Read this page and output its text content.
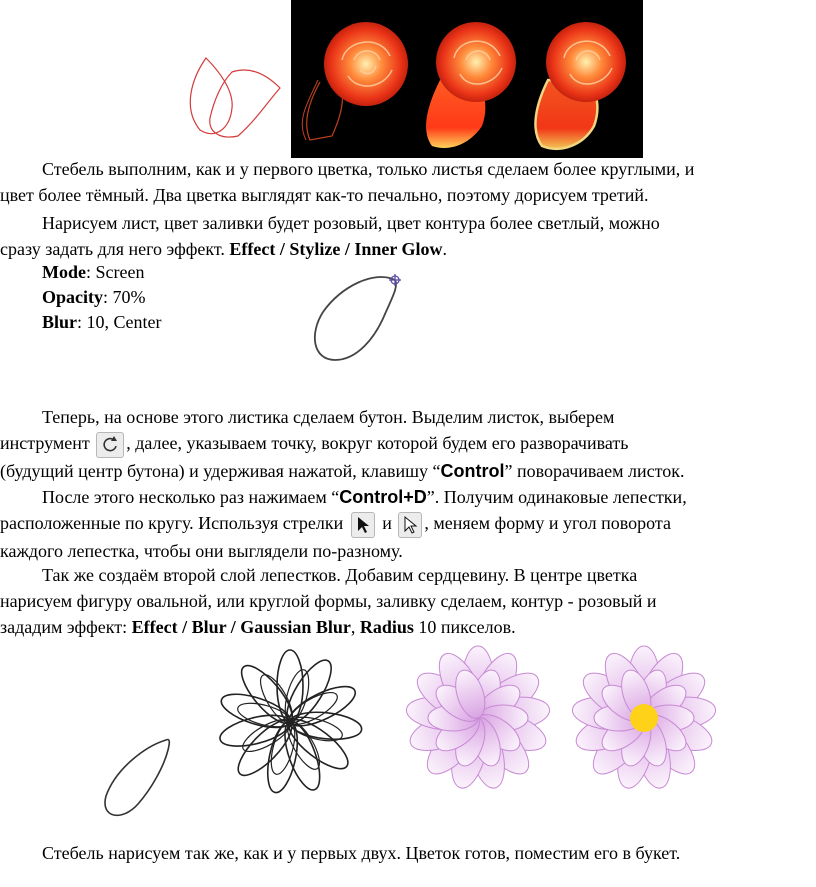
Стебель выполним, как и у первого цветка, только листья сделаем более круглыми, и
цвет более тёмный. Два цветка выглядят как-то печально, поэтому дорисуем третий.

Нарисуем лист, цвет заливки будет розовый, цвет контура более светлый, можно
сразу задать для него эффект. Effect / Stylize / Inner Glow.

Mode: Screen
Opacity: 70%
Blur: 10, Center

Теперь, на основе этого листика сделаем бутон. Выделим листок, выберем
инструмент , далее, указываем точку, вокруг которой будем его разворачивать
(будущий центр бутона) и удерживая нажатой, клавишу “Control” поворачиваем листок.

После этого несколько раз нажимаем “Control+D”. Получим одинаковые лепестки,
расположенные по кругу. Используя стрелки и , меняем форму и угол поворота
каждого лепестка, чтобы они выглядели по-разному.

Так же создаём второй слой лепестков. Добавим сердцевину. В центре цветка
нарисуем фигуру овальной, или круглой формы, заливку сделаем, контур - розовый и
зададим эффект: Effect / Blur / Gaussian Blur, Radius 10 пикселов.

Стебель нарисуем так же, как и у первых двух. Цветок готов, поместим его в букет.
